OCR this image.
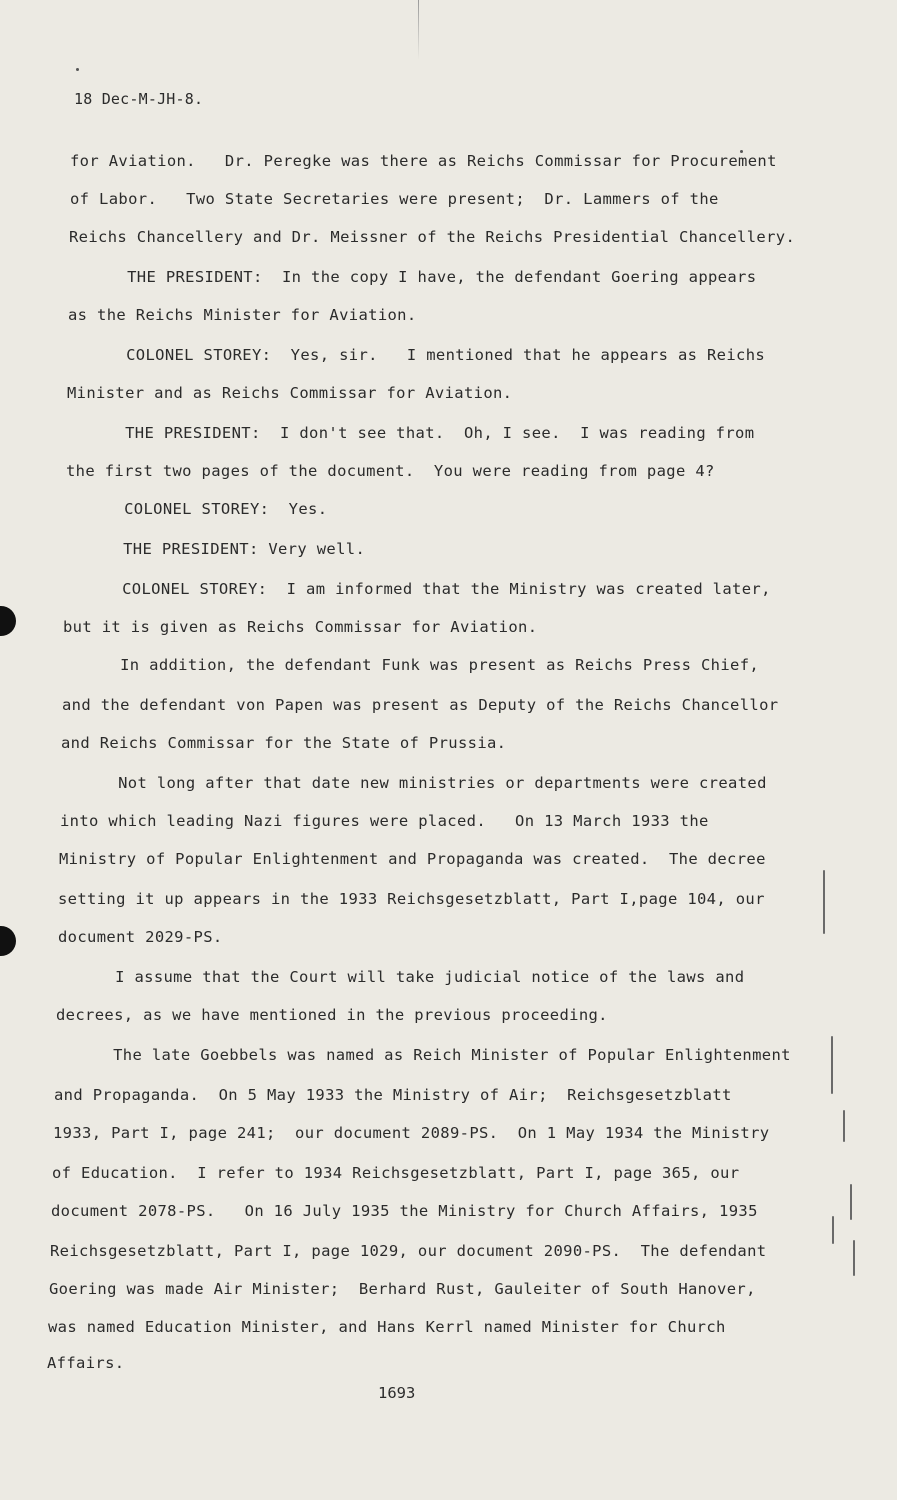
18 Dec-M-JH-8.
for Aviation.   Dr. Peregke was there as Reichs Commissar for Procurement
of Labor.   Two State Secretaries were present;  Dr. Lammers of the
Reichs Chancellery and Dr. Meissner of the Reichs Presidential Chancellery.
THE PRESIDENT:  In the copy I have, the defendant Goering appears
as the Reichs Minister for Aviation.
COLONEL STOREY:  Yes, sir.   I mentioned that he appears as Reichs
Minister and as Reichs Commissar for Aviation.
THE PRESIDENT:  I don't see that.  Oh, I see.  I was reading from
the first two pages of the document.  You were reading from page 4?
COLONEL STOREY:  Yes.
THE PRESIDENT: Very well.
COLONEL STOREY:  I am informed that the Ministry was created later,
but it is given as Reichs Commissar for Aviation.
In addition, the defendant Funk was present as Reichs Press Chief,
and the defendant von Papen was present as Deputy of the Reichs Chancellor
and Reichs Commissar for the State of Prussia.
Not long after that date new ministries or departments were created
into which leading Nazi figures were placed.   On 13 March 1933 the
Ministry of Popular Enlightenment and Propaganda was created.  The decree
setting it up appears in the 1933 Reichsgesetzblatt, Part I,page 104, our
document 2029-PS.
I assume that the Court will take judicial notice of the laws and
decrees, as we have mentioned in the previous proceeding.
The late Goebbels was named as Reich Minister of Popular Enlightenment
and Propaganda.  On 5 May 1933 the Ministry of Air;  Reichsgesetzblatt
1933, Part I, page 241;  our document 2089-PS.  On 1 May 1934 the Ministry
of Education.  I refer to 1934 Reichsgesetzblatt, Part I, page 365, our
document 2078-PS.   On 16 July 1935 the Ministry for Church Affairs, 1935
Reichsgesetzblatt, Part I, page 1029, our document 2090-PS.  The defendant
Goering was made Air Minister;  Berhard Rust, Gauleiter of South Hanover,
was named Education Minister, and Hans Kerrl named Minister for Church
Affairs.
1693
